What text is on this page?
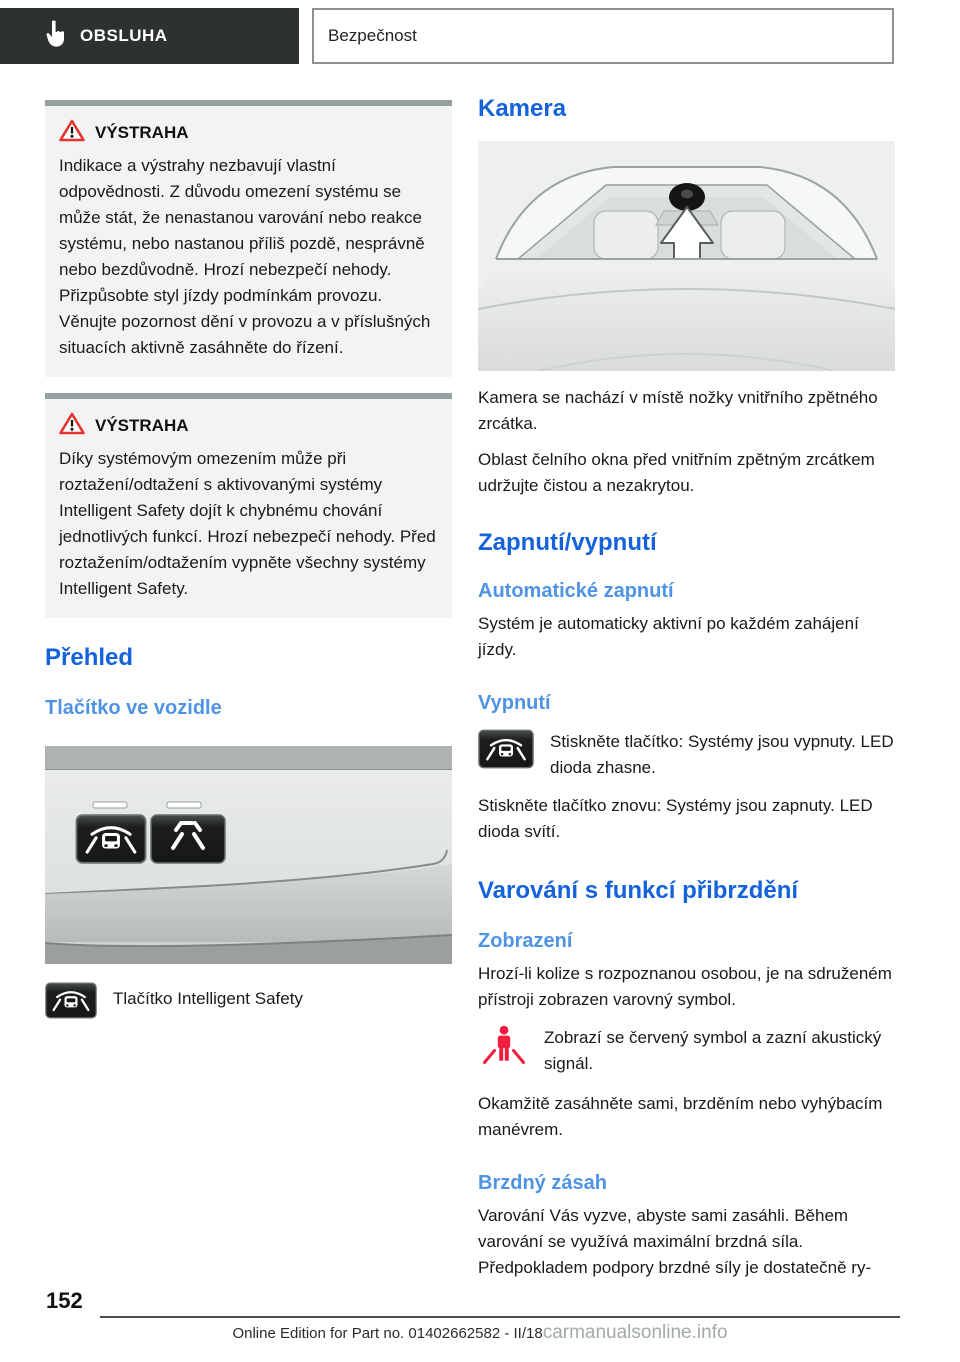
OBSLUHA	Bezpečnost
VÝSTRAHA
Indikace a výstrahy nezbavují vlastní odpovědnosti. Z důvodu omezení systému se může stát, že nenastanou varování nebo reakce systému, nebo nastanou příliš pozdě, nesprávně nebo bezdůvodně. Hrozí nebezpečí nehody. Přizpůsobte styl jízdy podmínkám provozu. Věnujte pozornost dění v provozu a v příslušných situacích aktivně zasáhněte do řízení.
VÝSTRAHA
Díky systémovým omezením může při roztažení/odtažení s aktivovanými systémy Intelligent Safety dojít k chybnému chování jednotlivých funkcí. Hrozí nebezpečí nehody. Před roztažením/odtažením vypněte všechny systémy Intelligent Safety.
Přehled
Tlačítko ve vozidle
Tlačítko Intelligent Safety
Kamera

Kamera se nachází v místě nožky vnitřního zpětného zrcátka.

Oblast čelního okna před vnitřním zpětným zrcátkem udržujte čistou a nezakrytou.

Zapnutí/vypnutí
Automatické zapnutí

Systém je automaticky aktivní po každém zahájení jízdy.

Vypnutí
Stiskněte tlačítko: Systémy jsou vypnuty. LED dioda zhasne.

Stiskněte tlačítko znovu: Systémy jsou zapnuty. LED dioda svítí.

Varování s funkcí přibrzdění
Zobrazení

Hrozí-li kolize s rozpoznanou osobou, je na sdruženém přístroji zobrazen varovný symbol.

Zobrazí se červený symbol a zazní akustický signál.

Okamžitě zasáhněte sami, brzděním nebo vyhýbacím manévrem.

Brzdný zásah

Varování Vás vyzve, abyste sami zasáhli. Během varování se využívá maximální brzdná síla. Předpokladem podpory brzdné síly je dostatečně ry-

152
Online Edition for Part no. 01402662582 - II/18carmanualsonline.info
